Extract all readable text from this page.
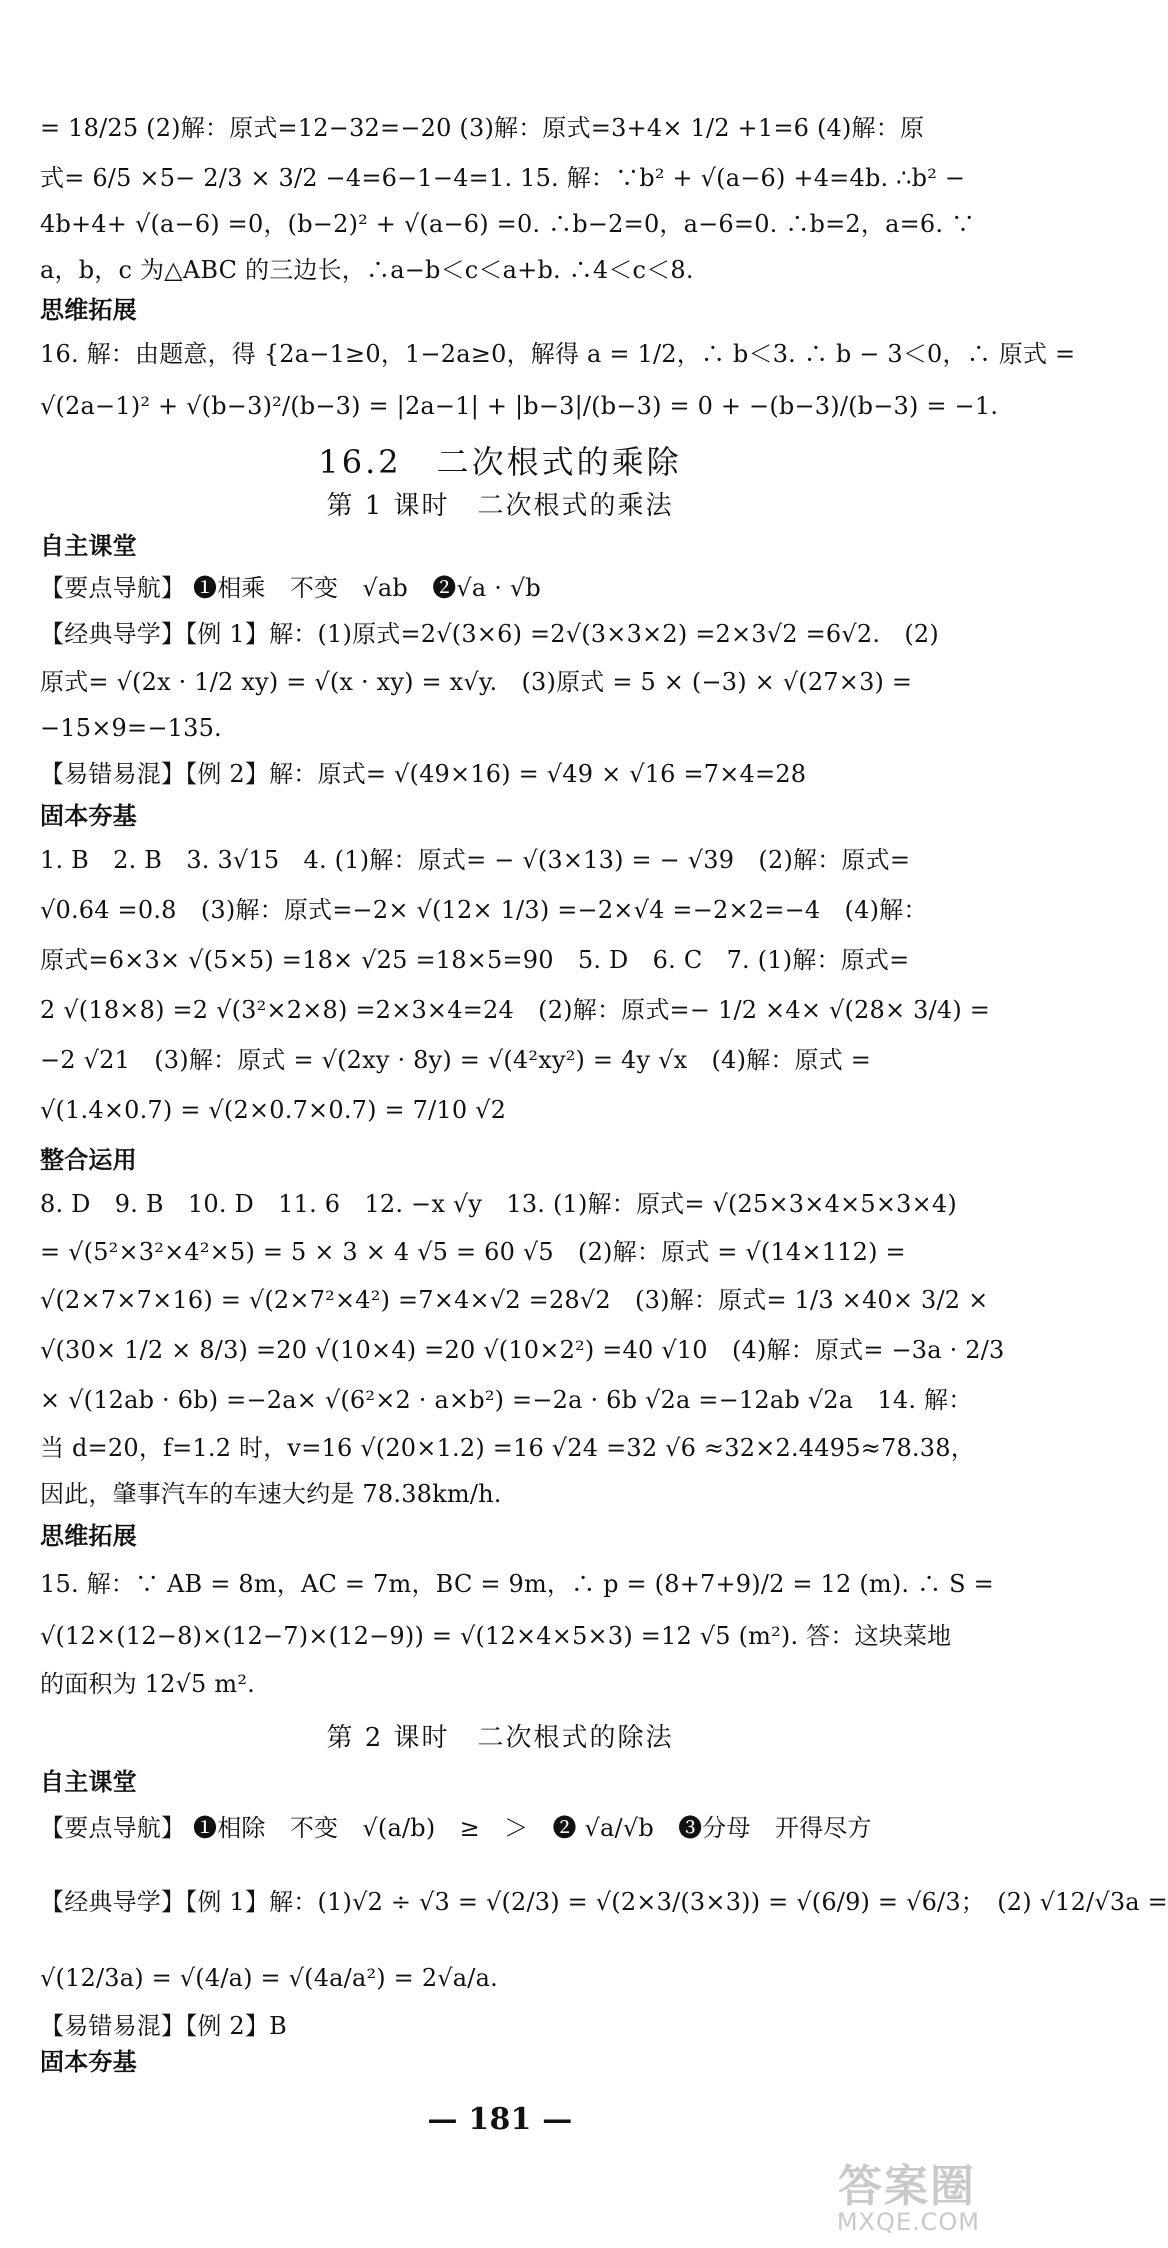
= 18/25 (2)解：原式=12−32=−20 (3)解：原式=3+4× 1/2 +1=6 (4)解：原
式= 6/5 ×5− 2/3 × 3/2 −4=6−1−4=1. 15. 解：∵b² + √(a−6) +4=4b. ∴b² −
4b+4+ √(a−6) =0，(b−2)² + √(a−6) =0. ∴b−2=0，a−6=0. ∴b=2，a=6. ∵
a，b，c 为△ABC 的三边长，∴a−b＜c＜a+b. ∴4＜c＜8.
思维拓展
16. 解：由题意，得 {2a−1≥0，1−2a≥0，解得 a = 1/2，∴ b＜3. ∴ b − 3＜0，∴ 原式 =
√(2a−1)² + √(b−3)²/(b−3) = |2a−1| + |b−3|/(b−3) = 0 + −(b−3)/(b−3) = −1.
16.2　二次根式的乘除
第 1 课时　二次根式的乘法
自主课堂
【要点导航】 ❶相乘　不变　√ab　❷√a · √b
【经典导学】【例 1】解：(1)原式=2√(3×6) =2√(3×3×2) =2×3√2 =6√2.　(2)
原式= √(2x · 1/2 xy) = √(x · xy) = x√y.　(3)原式 = 5 × (−3) × √(27×3) =
−15×9=−135.
【易错易混】【例 2】解：原式= √(49×16) = √49 × √16 =7×4=28
固本夯基
1. B　2. B　3. 3√15　4. (1)解：原式= − √(3×13) = − √39　(2)解：原式=
√0.64 =0.8　(3)解：原式=−2× √(12× 1/3) =−2×√4 =−2×2=−4　(4)解：
原式=6×3× √(5×5) =18× √25 =18×5=90　5. D　6. C　7. (1)解：原式=
2 √(18×8) =2 √(3²×2×8) =2×3×4=24　(2)解：原式=− 1/2 ×4× √(28× 3/4) =
−2 √21　(3)解：原式 = √(2xy · 8y) = √(4²xy²) = 4y √x　(4)解：原式 =
√(1.4×0.7) = √(2×0.7×0.7) = 7/10 √2
整合运用
8. D　9. B　10. D　11. 6　12. −x √y　13. (1)解：原式= √(25×3×4×5×3×4)
= √(5²×3²×4²×5) = 5 × 3 × 4 √5 = 60 √5　(2)解：原式 = √(14×112) =
√(2×7×7×16) = √(2×7²×4²) =7×4×√2 =28√2　(3)解：原式= 1/3 ×40× 3/2 ×
√(30× 1/2 × 8/3) =20 √(10×4) =20 √(10×2²) =40 √10　(4)解：原式= −3a · 2/3
× √(12ab · 6b) =−2a× √(6²×2 · a×b²) =−2a · 6b √2a =−12ab √2a　14. 解：
当 d=20，f=1.2 时，v=16 √(20×1.2) =16 √24 =32 √6 ≈32×2.4495≈78.38，
因此，肇事汽车的车速大约是 78.38km/h.
思维拓展
15. 解：∵ AB = 8m，AC = 7m，BC = 9m，∴ p = (8+7+9)/2 = 12 (m). ∴ S =
√(12×(12−8)×(12−7)×(12−9)) = √(12×4×5×3) =12 √5 (m²). 答：这块菜地
的面积为 12√5 m².
第 2 课时　二次根式的除法
自主课堂
【要点导航】 ❶相除　不变　√(a/b)　≥　＞　❷ √a/√b　❸分母　开得尽方
【经典导学】【例 1】解：(1)√2 ÷ √3 = √(2/3) = √(2×3/(3×3)) = √(6/9) = √6/3；　(2) √12/√3a =
√(12/3a) = √(4/a) = √(4a/a²) = 2√a/a.
【易错易混】【例 2】B
固本夯基
— 181 —
答案圈
MXQE.COM
